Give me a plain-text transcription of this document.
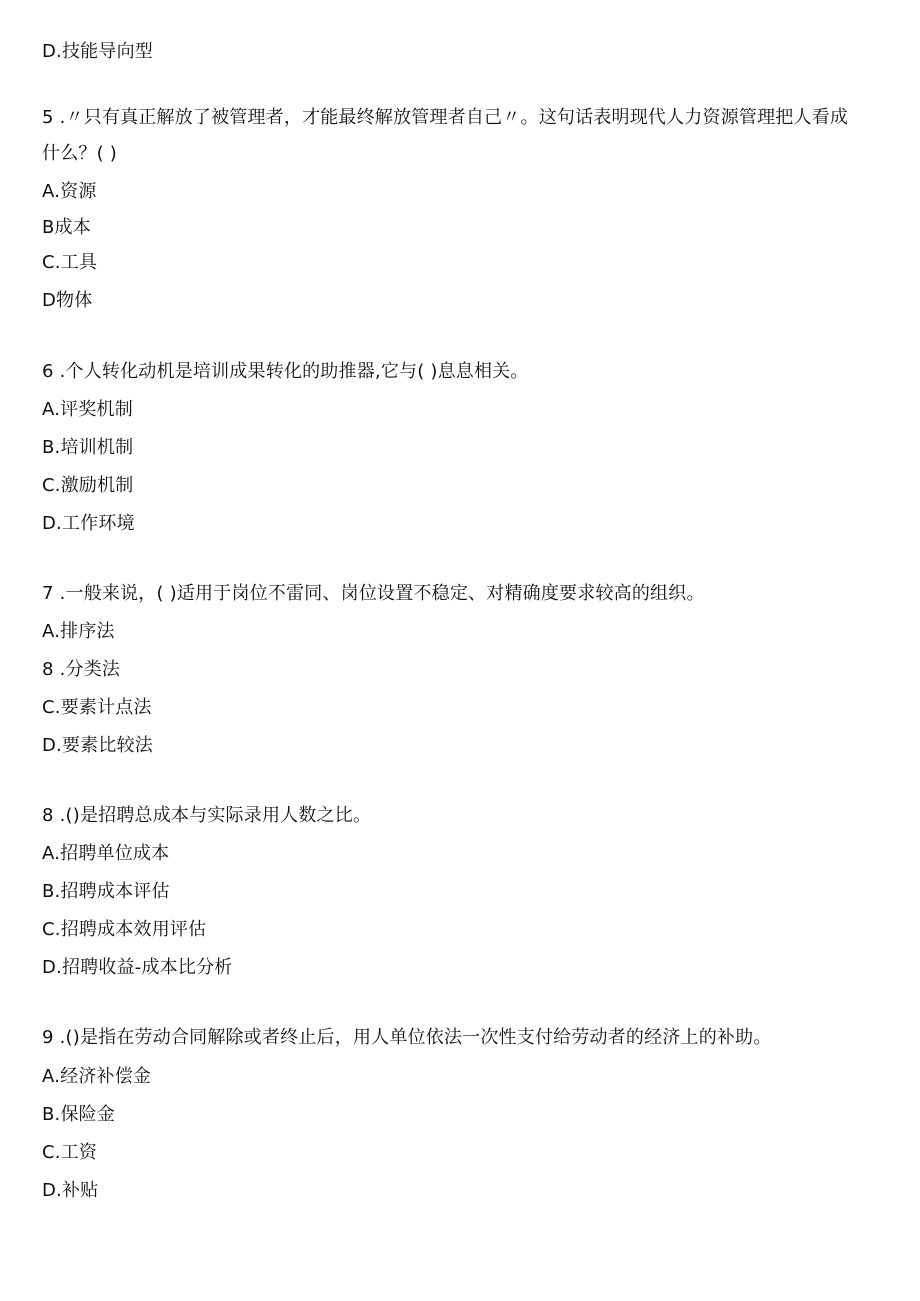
D.技能导向型
5 .〃只有真正解放了被管理者，才能最终解放管理者自己〃。这句话表明现代人力资源管理把人看成
什么？( )
A.资源
B成本
C.工具
D物体
6 .个人转化动机是培训成果转化的助推器,它与( )息息相关。
A.评奖机制
B.培训机制
C.激励机制
D.工作环境
7 .一般来说，( )适用于岗位不雷同、岗位设置不稳定、对精确度要求较高的组织。
A.排序法
8 .分类法
C.要素计点法
D.要素比较法
8 .()是招聘总成本与实际录用人数之比。
A.招聘单位成本
B.招聘成本评估
C.招聘成本效用评估
D.招聘收益-成本比分析
9 .()是指在劳动合同解除或者终止后，用人单位依法一次性支付给劳动者的经济上的补助。
A.经济补偿金
B.保险金
C.工资
D.补贴
